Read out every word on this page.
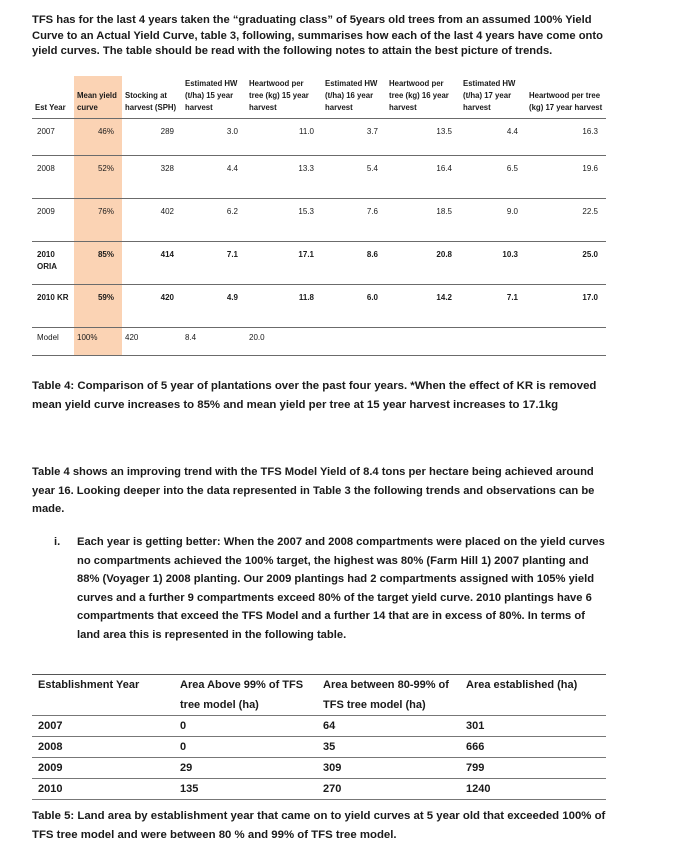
TFS has for the last 4 years taken the “graduating class” of 5years old trees from an assumed 100% Yield Curve to an Actual Yield Curve, table 3, following, summarises how each of the last 4 years have come onto yield curves. The table should be read with the following notes to attain the best picture of trends.

Est Year	Mean yield curve	Stocking at harvest (SPH)	Estimated HW (t/ha) 15 year harvest	Heartwood per tree (kg) 15 year harvest	Estimated HW (t/ha) 16 year harvest	Heartwood per tree (kg) 16 year harvest	Estimated HW (t/ha) 17 year harvest	Heartwood per tree (kg) 17 year harvest
2007	46%	289	3.0	11.0	3.7	13.5	4.4	16.3
2008	52%	328	4.4	13.3	5.4	16.4	6.5	19.6
2009	76%	402	6.2	15.3	7.6	18.5	9.0	22.5
2010 ORIA	85%	414	7.1	17.1	8.6	20.8	10.3	25.0
2010 KR	59%	420	4.9	11.8	6.0	14.2	7.1	17.0
Model	100%	420	8.4	20.0				

Table 4: Comparison of 5 year of plantations over the past four years. *When the effect of KR is removed mean yield curve increases to 85% and mean yield per tree at 15 year harvest increases to 17.1kg

Table 4 shows an improving trend with the TFS Model Yield of 8.4 tons per hectare being achieved around year 16. Looking deeper into the data represented in Table 3 the following trends and observations can be made.

i. Each year is getting better: When the 2007 and 2008 compartments were placed on the yield curves no compartments achieved the 100% target, the highest was 80% (Farm Hill 1) 2007 planting and 88% (Voyager 1) 2008 planting. Our 2009 plantings had 2 compartments assigned with 105% yield curves and a further 9 compartments exceed 80% of the target yield curve. 2010 plantings have 6 compartments that exceed the TFS Model and a further 14 that are in excess of 80%. In terms of land area this is represented in the following table.
Establishment Year	Area Above 99% of TFS tree model (ha)	Area between 80-99% of TFS tree model (ha)	Area established (ha)
2007	0	64	301
2008	0	35	666
2009	29	309	799
2010	135	270	1240

Table 5: Land area by establishment year that came on to yield curves at 5 year old that exceeded 100% of TFS tree model and were between 80 % and 99% of TFS tree model.
